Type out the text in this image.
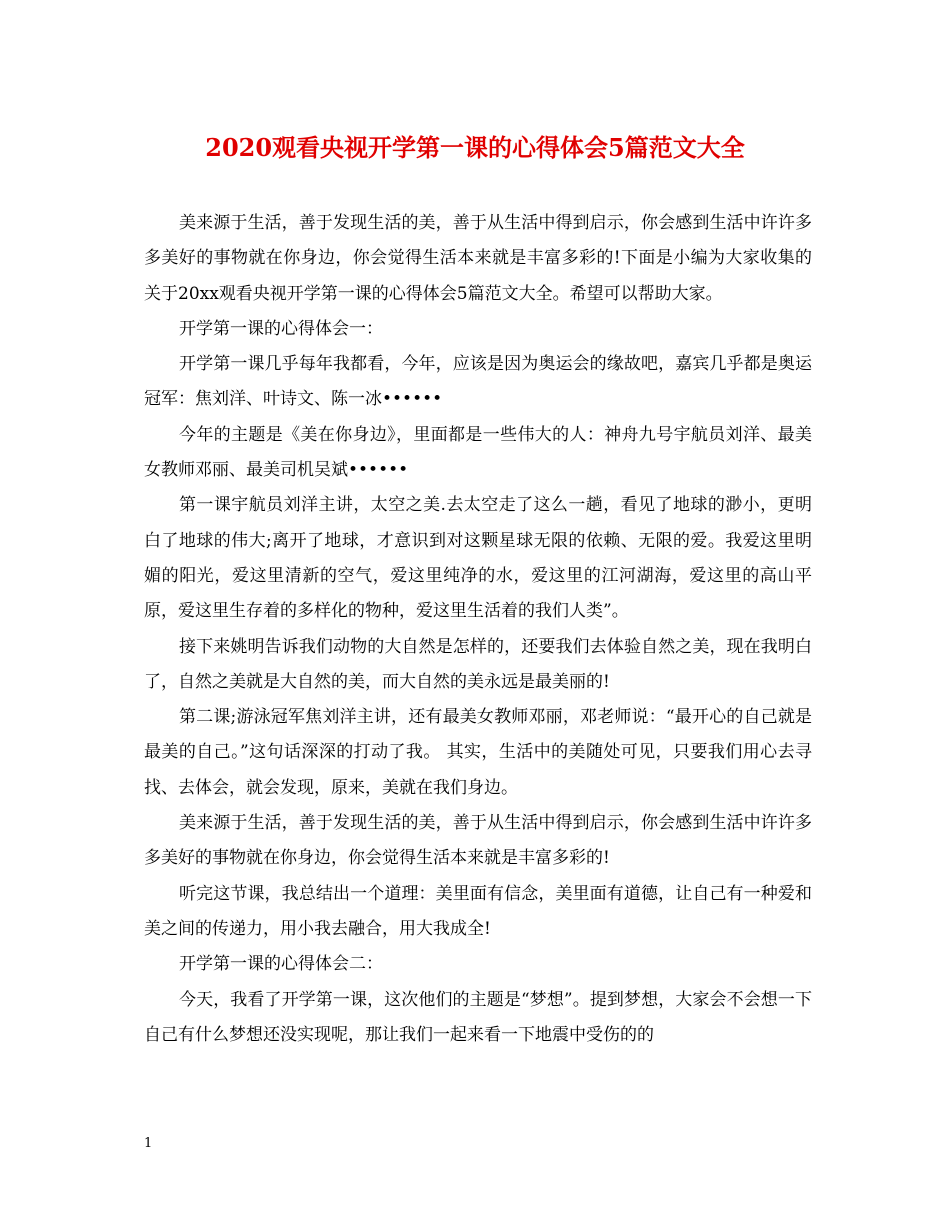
2020观看央视开学第一课的心得体会5篇范文大全

美来源于生活，善于发现生活的美，善于从生活中得到启示，你会感到生活中许许多多美好的事物就在你身边，你会觉得生活本来就是丰富多彩的!下面是小编为大家收集的关于20xx观看央视开学第一课的心得体会5篇范文大全。希望可以帮助大家。

开学第一课的心得体会一：

开学第一课几乎每年我都看，今年，应该是因为奥运会的缘故吧，嘉宾几乎都是奥运冠军：焦刘洋、叶诗文、陈一冰••••••

今年的主题是《美在你身边》，里面都是一些伟大的人：神舟九号宇航员刘洋、最美女教师邓丽、最美司机吴斌••••••

第一课宇航员刘洋主讲，太空之美.去太空走了这么一趟，看见了地球的渺小，更明白了地球的伟大;离开了地球，才意识到对这颗星球无限的依赖、无限的爱。我爱这里明媚的阳光，爱这里清新的空气，爱这里纯净的水，爱这里的江河湖海，爱这里的高山平原，爱这里生存着的多样化的物种，爱这里生活着的我们人类”。

接下来姚明告诉我们动物的大自然是怎样的，还要我们去体验自然之美，现在我明白了，自然之美就是大自然的美，而大自然的美永远是最美丽的!

第二课;游泳冠军焦刘洋主讲，还有最美女教师邓丽，邓老师说：“最开心的自己就是最美的自己。”这句话深深的打动了我。 其实，生活中的美随处可见，只要我们用心去寻找、去体会，就会发现，原来，美就在我们身边。

美来源于生活，善于发现生活的美，善于从生活中得到启示，你会感到生活中许许多多美好的事物就在你身边，你会觉得生活本来就是丰富多彩的!

听完这节课，我总结出一个道理：美里面有信念，美里面有道德，让自己有一种爱和美之间的传递力，用小我去融合，用大我成全!

开学第一课的心得体会二：

今天，我看了开学第一课，这次他们的主题是“梦想”。提到梦想，大家会不会想一下自己有什么梦想还没实现呢，那让我们一起来看一下地震中受伤的的

1
